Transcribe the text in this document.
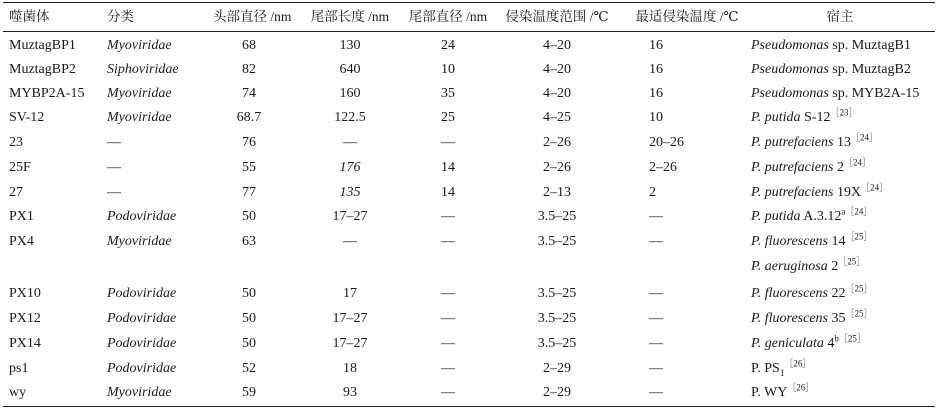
噬菌体	分类	头部直径 /nm	尾部长度 /nm	尾部直径 /nm	侵染温度范围 /℃	最适侵染温度 /℃	宿主
MuztagBP1 Myoviridae	68	130	24	4–20	16	Pseudomonas sp. MuztagB1
MuztagBP2 Siphoviridae	82	640	10	4–20	16	Pseudomonas sp. MuztagB2
MYBP2A-15 Myoviridae	74	160	35	4–20	16	Pseudomonas sp. MYB2A-15
SV-12	Myoviridae	68.7	122.5	25	4–25	10	P. putida $S-12^{[23]}$
23	—	76	—	—	2–26	20–26	P. putrefaciens $13^{[24]}$
25F	—	55	176	14	2–26	2–26	P. putrefaciens $2^{[24]}$
27	—	77	135	14	2–13	2	P. putrefaciens $19X^{[24]}$
PX1	Podoviridae	50	17–27	—	3.5–25	—	P. putida $A.3.12^{a[24]}$
PX4	Myoviridae	63	—	—	3.5–25	—	P. fluorescens $14^{[25]}$
P. aeruginosa $2^{[25]}$
PX10	Podoviridae	50	17	—	3.5–25	—	P. fluorescens $22^{[25]}$
PX12	Podoviridae	50	17–27	—	3.5–25	—	P. fluorescens $35^{[25]}$
PX14	Podoviridae	50	17–27	—	3.5–25	—	P. geniculata $4^{b[25]}$
ps1	Podoviridae	52	18	—	2–29	—	P. $PS_1^{[26]}$
wy	Myoviridae	59	93	—	2–29	—	P. $WY^{[26]}$
